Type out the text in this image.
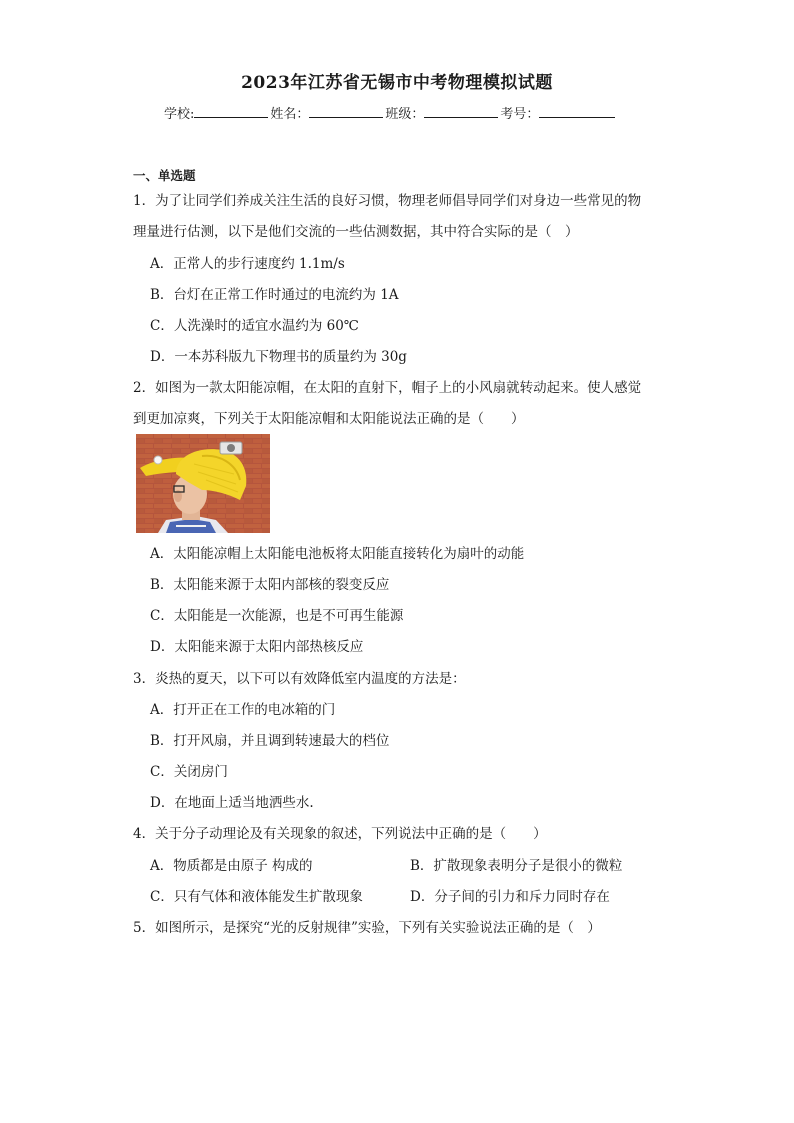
2023年江苏省无锡市中考物理模拟试题
学校:	姓名：	班级：	考号：
一、单选题
1．为了让同学们养成关注生活的良好习惯，物理老师倡导同学们对身边一些常见的物
理量进行估测，以下是他们交流的一些估测数据，其中符合实际的是（　）
A．正常人的步行速度约 1.1m/s
B．台灯在正常工作时通过的电流约为 1A
C．人洗澡时的适宜水温约为 60℃
D．一本苏科版九下物理书的质量约为 30g
2．如图为一款太阳能凉帽，在太阳的直射下，帽子上的小风扇就转动起来。使人感觉
到更加凉爽，下列关于太阳能凉帽和太阳能说法正确的是（　　）
A．太阳能凉帽上太阳能电池板将太阳能直接转化为扇叶的动能
B．太阳能来源于太阳内部核的裂变反应
C．太阳能是一次能源，也是不可再生能源
D．太阳能来源于太阳内部热核反应
3．炎热的夏天，以下可以有效降低室内温度的方法是：
A．打开正在工作的电冰箱的门
B．打开风扇，并且调到转速最大的档位
C．关闭房门
D．在地面上适当地洒些水.
4．关于分子动理论及有关现象的叙述，下列说法中正确的是（　　）
A．物质都是由原子 构成的	B．扩散现象表明分子是很小的微粒
C．只有气体和液体能发生扩散现象	D．分子间的引力和斥力同时存在
5．如图所示，是探究“光的反射规律”实验，下列有关实验说法正确的是（　）
